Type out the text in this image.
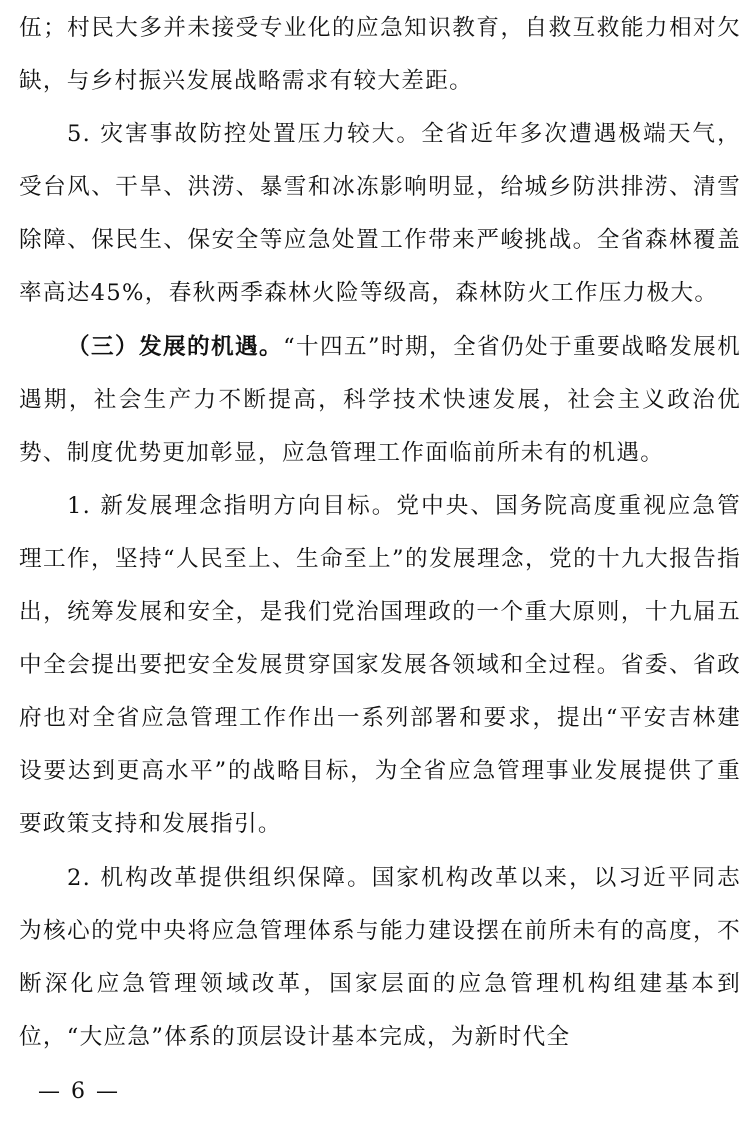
伍；村民大多并未接受专业化的应急知识教育，自救互救能力相对欠缺，与乡村振兴发展战略需求有较大差距。

5. 灾害事故防控处置压力较大。全省近年多次遭遇极端天气，受台风、干旱、洪涝、暴雪和冰冻影响明显，给城乡防洪排涝、清雪除障、保民生、保安全等应急处置工作带来严峻挑战。全省森林覆盖率高达45%，春秋两季森林火险等级高，森林防火工作压力极大。

（三）发展的机遇。“十四五”时期，全省仍处于重要战略发展机遇期，社会生产力不断提高，科学技术快速发展，社会主义政治优势、制度优势更加彰显，应急管理工作面临前所未有的机遇。

1. 新发展理念指明方向目标。党中央、国务院高度重视应急管理工作，坚持“人民至上、生命至上”的发展理念，党的十九大报告指出，统筹发展和安全，是我们党治国理政的一个重大原则，十九届五中全会提出要把安全发展贯穿国家发展各领域和全过程。省委、省政府也对全省应急管理工作作出一系列部署和要求，提出“平安吉林建设要达到更高水平”的战略目标，为全省应急管理事业发展提供了重要政策支持和发展指引。

2. 机构改革提供组织保障。国家机构改革以来，以习近平同志为核心的党中央将应急管理体系与能力建设摆在前所未有的高度，不断深化应急管理领域改革，国家层面的应急管理机构组建基本到位，“大应急”体系的顶层设计基本完成，为新时代全

— 6 —
